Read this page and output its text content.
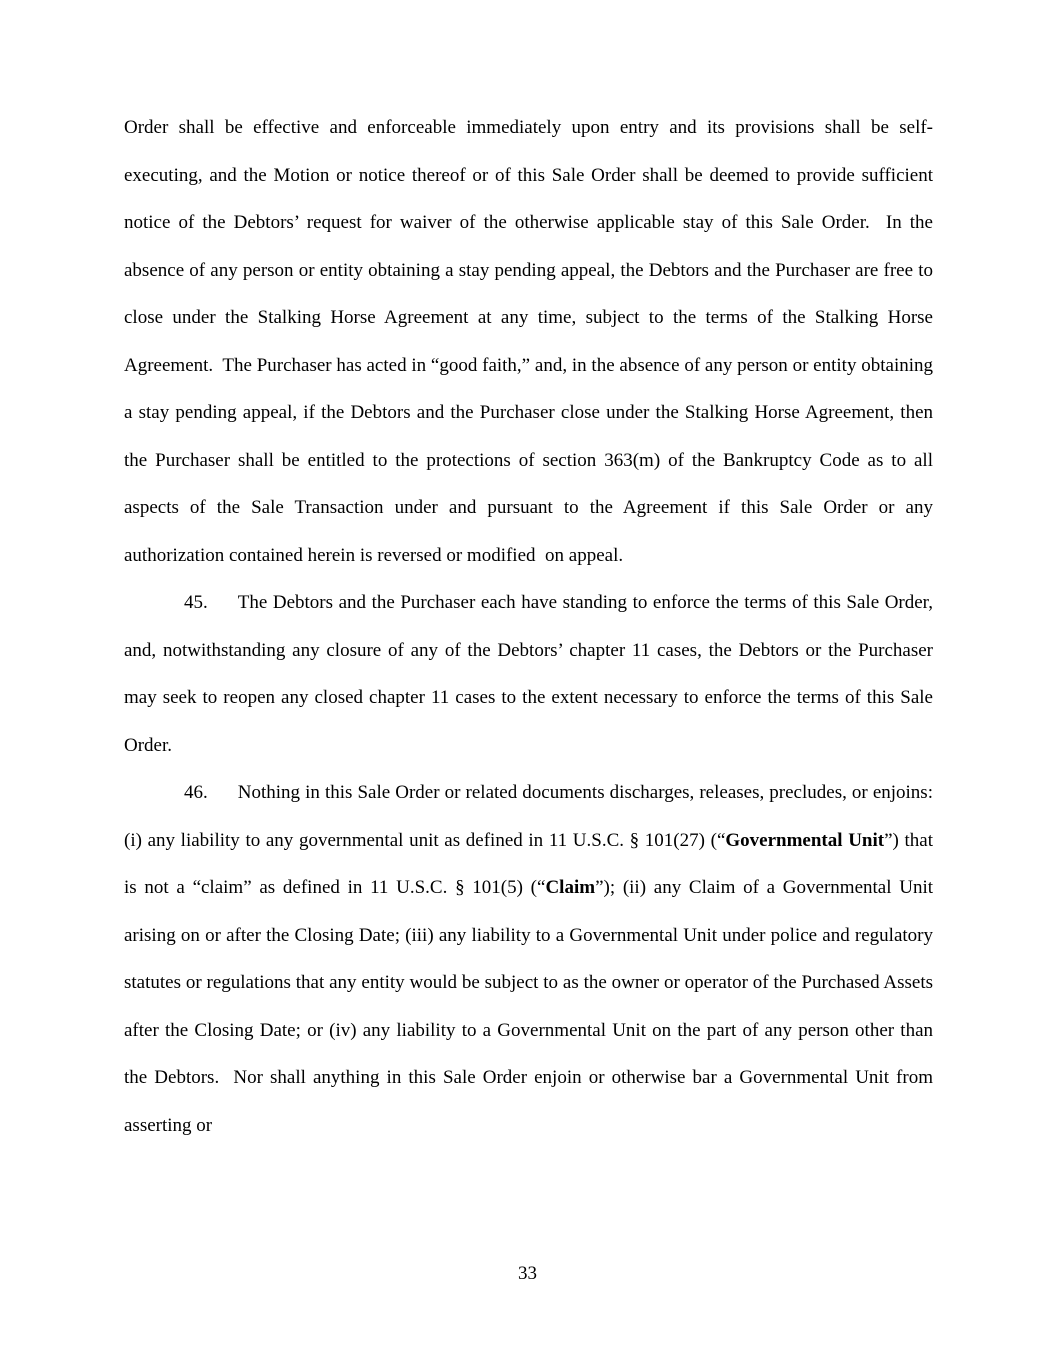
Order shall be effective and enforceable immediately upon entry and its provisions shall be self-executing, and the Motion or notice thereof or of this Sale Order shall be deemed to provide sufficient notice of the Debtors’ request for waiver of the otherwise applicable stay of this Sale Order.  In the absence of any person or entity obtaining a stay pending appeal, the Debtors and the Purchaser are free to close under the Stalking Horse Agreement at any time, subject to the terms of the Stalking Horse Agreement.  The Purchaser has acted in “good faith,” and, in the absence of any person or entity obtaining a stay pending appeal, if the Debtors and the Purchaser close under the Stalking Horse Agreement, then the Purchaser shall be entitled to the protections of section 363(m) of the Bankruptcy Code as to all aspects of the Sale Transaction under and pursuant to the Agreement if this Sale Order or any authorization contained herein is reversed or modified  on appeal.

45. The Debtors and the Purchaser each have standing to enforce the terms of this Sale Order, and, notwithstanding any closure of any of the Debtors’ chapter 11 cases, the Debtors or the Purchaser may seek to reopen any closed chapter 11 cases to the extent necessary to enforce the terms of this Sale Order.

46. Nothing in this Sale Order or related documents discharges, releases, precludes, or enjoins: (i) any liability to any governmental unit as defined in 11 U.S.C. § 101(27) (“Governmental Unit”) that is not a “claim” as defined in 11 U.S.C. § 101(5) (“Claim”); (ii) any Claim of a Governmental Unit arising on or after the Closing Date; (iii) any liability to a Governmental Unit under police and regulatory statutes or regulations that any entity would be subject to as the owner or operator of the Purchased Assets after the Closing Date; or (iv) any liability to a Governmental Unit on the part of any person other than the Debtors.  Nor shall anything in this Sale Order enjoin or otherwise bar a Governmental Unit from asserting or

33
